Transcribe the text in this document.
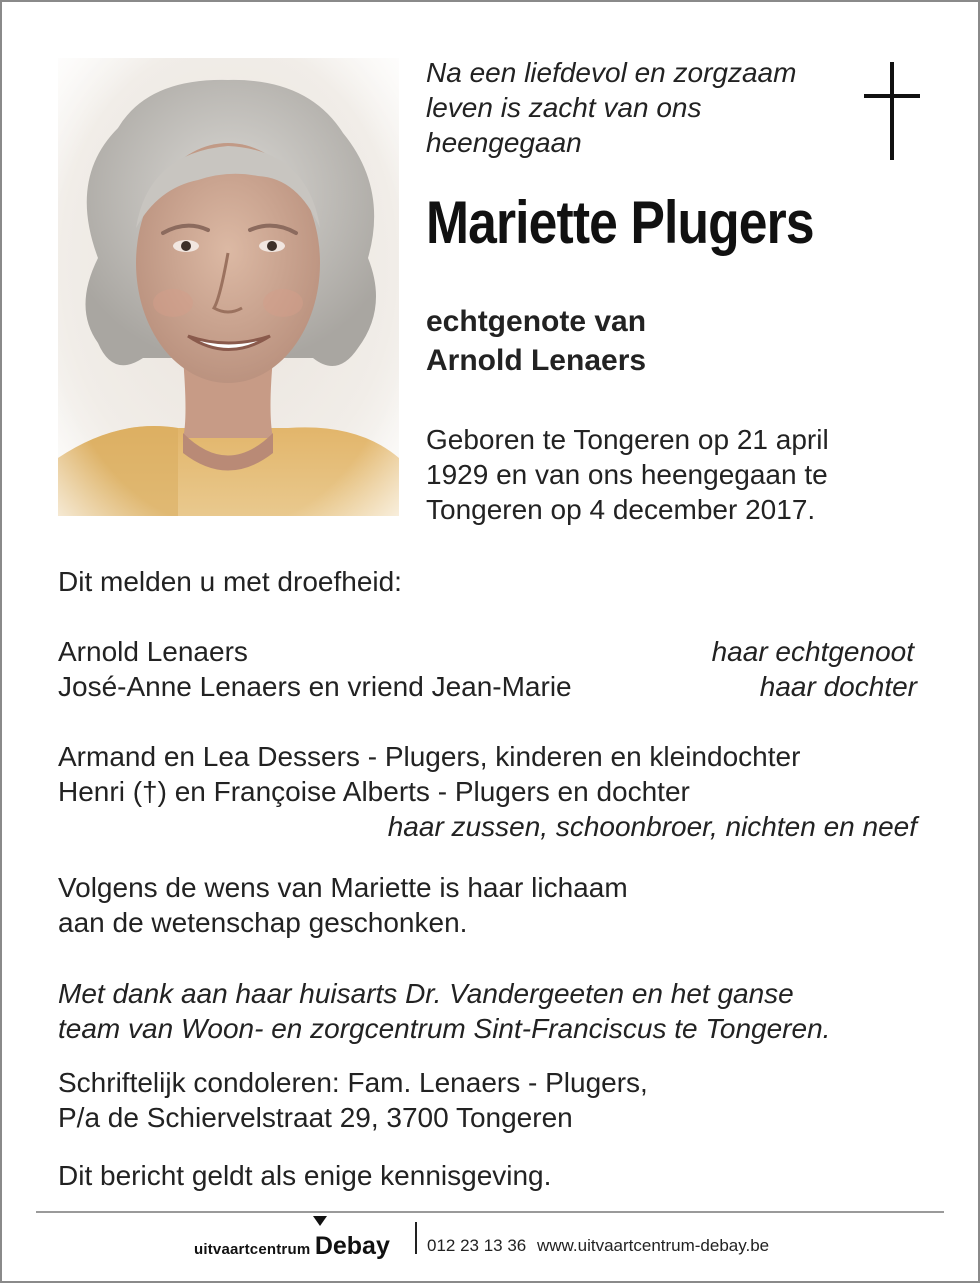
Na een liefdevol en zorgzaam
leven is zacht van ons
heengegaan
Mariette Plugers
echtgenote van
Arnold Lenaers
Geboren te Tongeren op 21 april
1929 en van ons heengegaan te
Tongeren op 4 december 2017.
Dit melden u met droefheid:
Arnold Lenaers	haar echtgenoot
José-Anne Lenaers en vriend Jean-Marie	haar dochter
Armand en Lea Dessers - Plugers, kinderen en kleindochter
Henri (†) en Françoise Alberts - Plugers en dochter
haar zussen, schoonbroer, nichten en neef
Volgens de wens van Mariette is haar lichaam
aan de wetenschap geschonken.
Met dank aan haar huisarts Dr. Vandergeeten en het ganse
team van Woon- en zorgcentrum Sint-Franciscus te Tongeren.
Schriftelijk condoleren: Fam. Lenaers - Plugers,
P/a de Schiervelstraat 29, 3700 Tongeren
Dit bericht geldt als enige kennisgeving.
uitvaartcentrum Debay 012 23 13 36 www.uitvaartcentrum-debay.be
